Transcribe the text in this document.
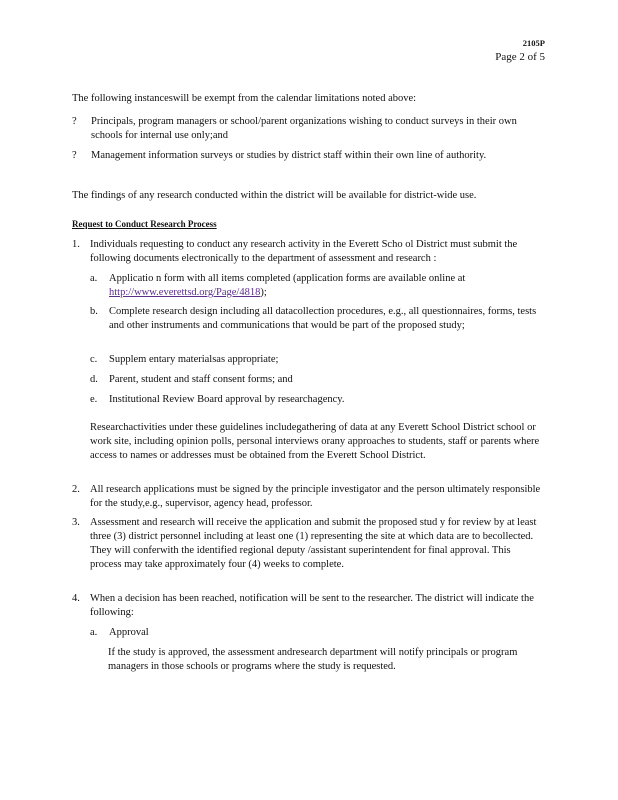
2105P
Page 2 of 5
The following instanceswill be exempt from the calendar limitations noted above:
?	Principals, program managers or school/parent organizations wishing to conduct surveys in their own schools for internal use only;and
?	Management information surveys or studies by district staff within their own line of authority.
The findings of any research conducted within the district will be available for district-wide use.
Request to Conduct Research Process
1. Individuals requesting to conduct any research activity in the Everett Scho ol District must submit the following documents electronically to the department of assessment and research :
a. Applicatio n form with all items completed (application forms are available online at http://www.everettsd.org/Page/4818);
b. Complete research design including all datacollection procedures, e.g., all questionnaires, forms, tests and other instruments and communications that would be part of the proposed study;
c. Supplem entary materialsas appropriate;
d. Parent, student and staff consent forms; and
e. Institutional Review Board approval by researchagency.
Researchactivities under these guidelines includegathering of data at any Everett School District school or work site, including opinion polls, personal interviews orany approaches to students, staff or parents where access to names or addresses must be obtained from the Everett School District.
2. All research applications must be signed by the principle investigator and the person ultimately responsible for the study,e.g., supervisor, agency head, professor.
3. Assessment and research will receive the application and submit the proposed stud y for review by at least three (3) district personnel including at least one (1) representing the site at which data are to becollected. They will conferwith the identified regional deputy /assistant superintendent for final approval. This process may take approximately four (4) weeks to complete.
4. When a decision has been reached, notification will be sent to the researcher. The district will indicate the following:
a. Approval
If the study is approved, the assessment andresearch department will notify principals or program managers in those schools or programs where the study is requested.
